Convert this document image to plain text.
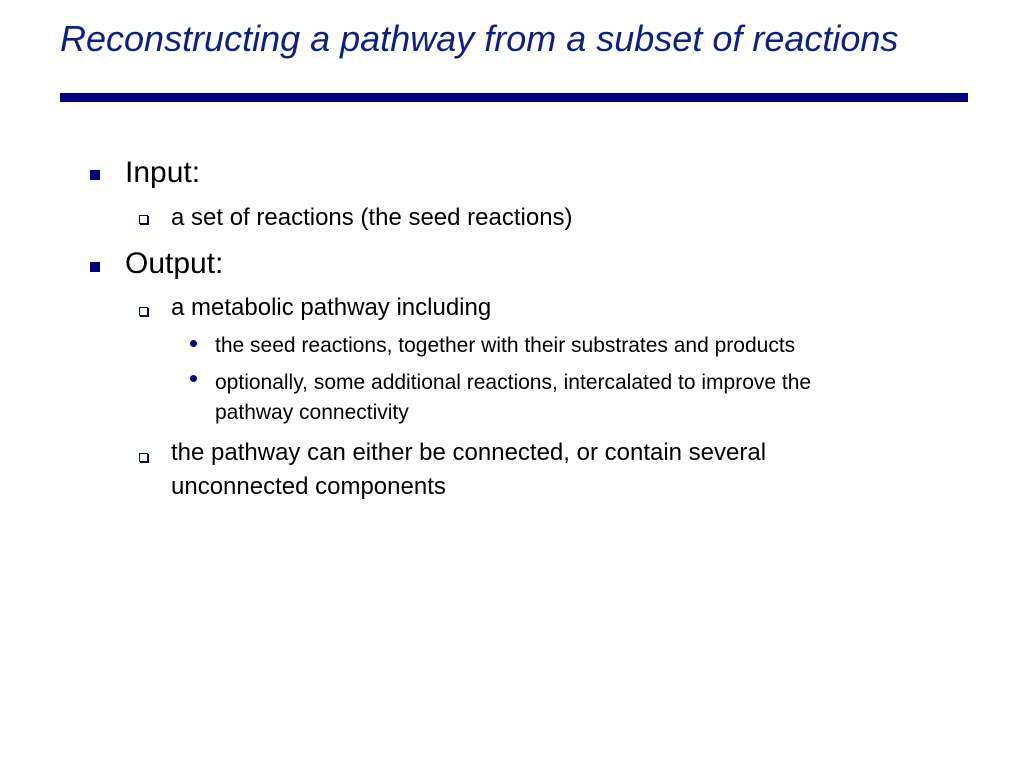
Reconstructing a pathway from a subset of reactions
Input:
a set of reactions (the seed reactions)
Output:
a metabolic pathway including
the seed reactions, together with their substrates and products
optionally, some additional reactions, intercalated to improve the
pathway connectivity
the pathway can either be connected, or contain several
unconnected components
